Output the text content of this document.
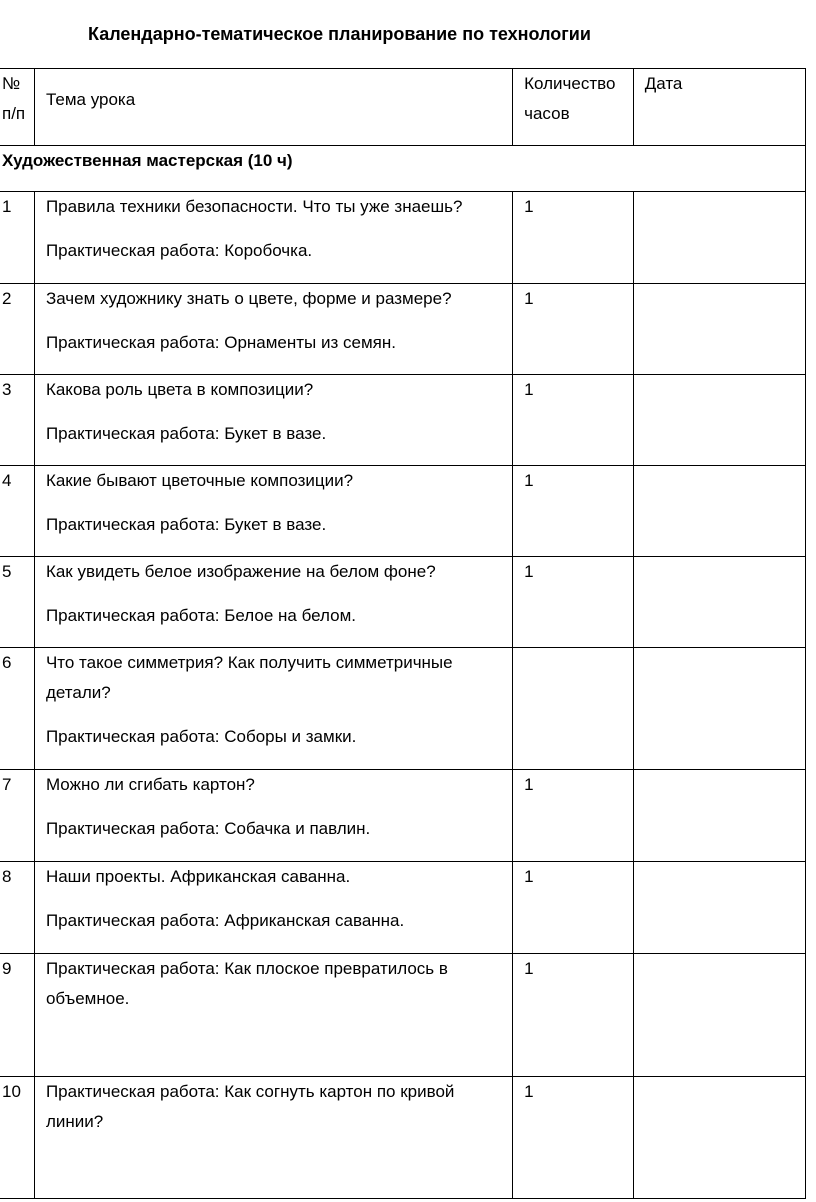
Календарно-тематическое планирование по технологии
№ п/п	Тема урока	Количество часов	Дата
Художественная мастерская (10 ч)			
1	Правила техники безопасности. Что ты уже знаешь?
Практическая работа: Коробочка.	1	
2	Зачем художнику знать о цвете, форме и размере?
Практическая работа: Орнаменты из семян.	1	
3	Какова роль цвета в композиции?
Практическая работа: Букет в вазе.	1	
4	Какие бывают цветочные композиции?
Практическая работа: Букет в вазе.	1	
5	Как увидеть белое изображение на белом фоне?
Практическая работа: Белое на белом.	1	
6	Что такое симметрия? Как получить симметричные детали?
Практическая работа: Соборы и замки.		

7	Можно ли сгибать картон?
Практическая работа: Собачка и павлин.	1	
8	Наши проекты. Африканская саванна.
Практическая работа: Африканская саванна.	1	
9	Практическая работа: Как плоское превратилось в объемное.	1	
10	Практическая работа: Как согнуть картон по кривой линии?	1	
